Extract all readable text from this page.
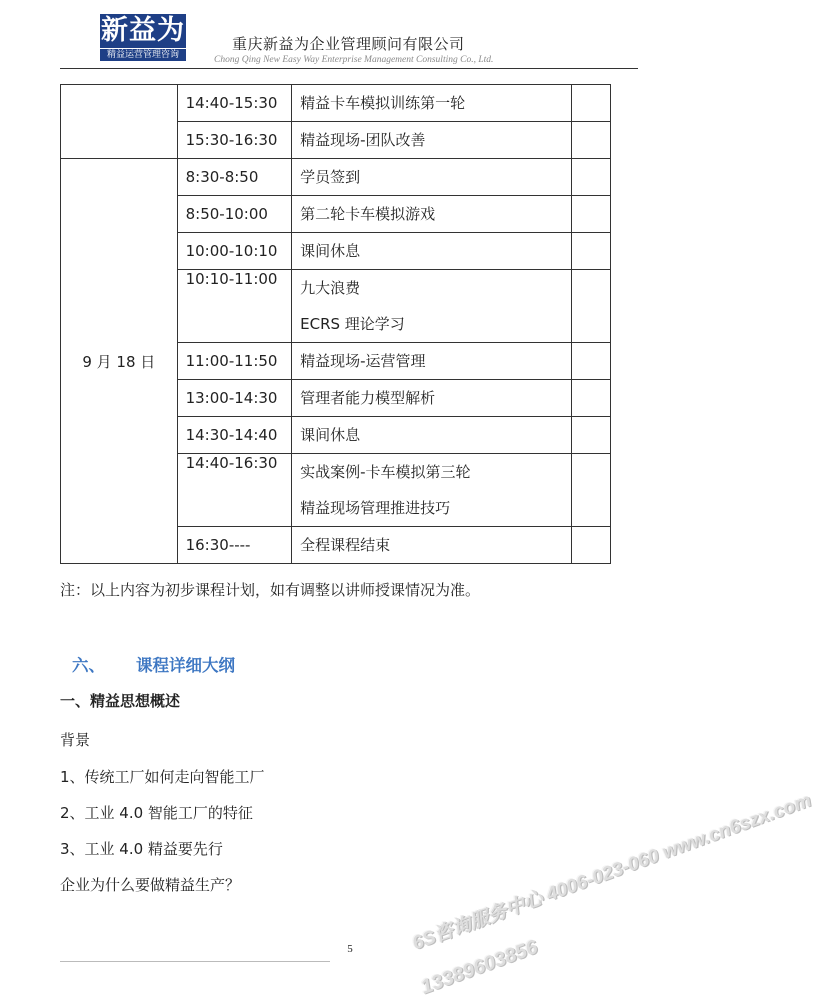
新益为
精益运营管理咨询
重庆新益为企业管理顾问有限公司
Chong Qing New Easy Way Enterprise Management Consulting Co., Ltd.
	14:40-15:30	精益卡车模拟训练第一轮	

	15:30-16:30	精益现场-团队改善	

9 月 18 日	8:30-8:50	学员签到	

	8:50-10:00	第二轮卡车模拟游戏	

	10:00-10:10	课间休息	

	10:10-11:00	九大浪费
ECRS 理论学习	

	11:00-11:50	精益现场-运营管理	

	13:00-14:30	管理者能力模型解析	

	14:30-14:40	课间休息	

	14:40-16:30	实战案例-卡车模拟第三轮
精益现场管理推进技巧	

	16:30----	全程课程结束	

注：以上内容为初步课程计划，如有调整以讲师授课情况为准。
六、 课程详细大纲
一、精益思想概述
背景
1、传统工厂如何走向智能工厂
2、工业 4.0 智能工厂的特征
3、工业 4.0 精益要先行
企业为什么要做精益生产？
5	6S咨询服务中心 4006-023-060 www.cn6szx.com
13389603856
